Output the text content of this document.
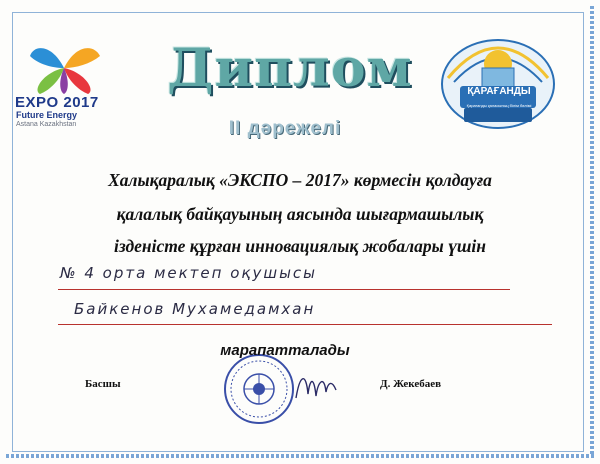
EXPO 2017
Future Energy
Astana Kazakhstan
Диплом
II дәрежелі
ҚАРАҒАНДЫ
Қарағанды қаласының білім бөлімі
Халықаралық «ЭКСПО – 2017» көрмесін қолдауға
қалалық байқауының аясында шығармашылық
ізденісте құрған инновациялық жобалары үшін
№ 4 орта мектеп оқушысы
Байкенов Мухамедамхан
марапатталады
Басшы	Д. Жекебаев
